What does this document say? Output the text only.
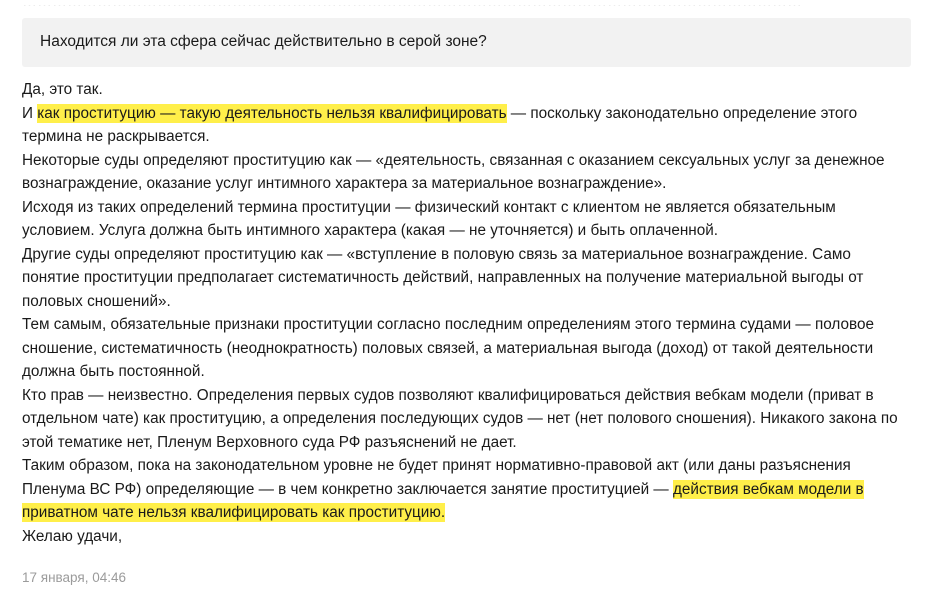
Находится ли эта сфера сейчас действительно в серой зоне?

Да, это так.

И как проституцию — такую деятельность нельзя квалифицировать — поскольку законодательно определение этого термина не раскрывается.

Некоторые суды определяют проституцию как — «деятельность, связанная с оказанием сексуальных услуг за денежное вознаграждение, оказание услуг интимного характера за материальное вознаграждение».

Исходя из таких определений термина проституции — физический контакт с клиентом не является обязательным условием. Услуга должна быть интимного характера (какая — не уточняется) и быть оплаченной.

Другие суды определяют проституцию как — «вступление в половую связь за материальное вознаграждение. Само понятие проституции предполагает систематичность действий, направленных на получение материальной выгоды от половых сношений».

Тем самым, обязательные признаки проституции согласно последним определениям этого термина судами — половое сношение, систематичность (неоднократность) половых связей, а материальная выгода (доход) от такой деятельности должна быть постоянной.

Кто прав — неизвестно. Определения первых судов позволяют квалифицироваться действия вебкам модели (приват в отдельном чате) как проституцию, а определения последующих судов — нет (нет полового сношения). Никакого закона по этой тематике нет, Пленум Верховного суда РФ разъяснений не дает.

Таким образом, пока на законодательном уровне не будет принят нормативно-правовой акт (или даны разъяснения Пленума ВС РФ) определяющие — в чем конкретно заключается занятие проституцией — действия вебкам модели в приватном чате нельзя квалифицировать как проституцию.

Желаю удачи,

17 января, 04:46
